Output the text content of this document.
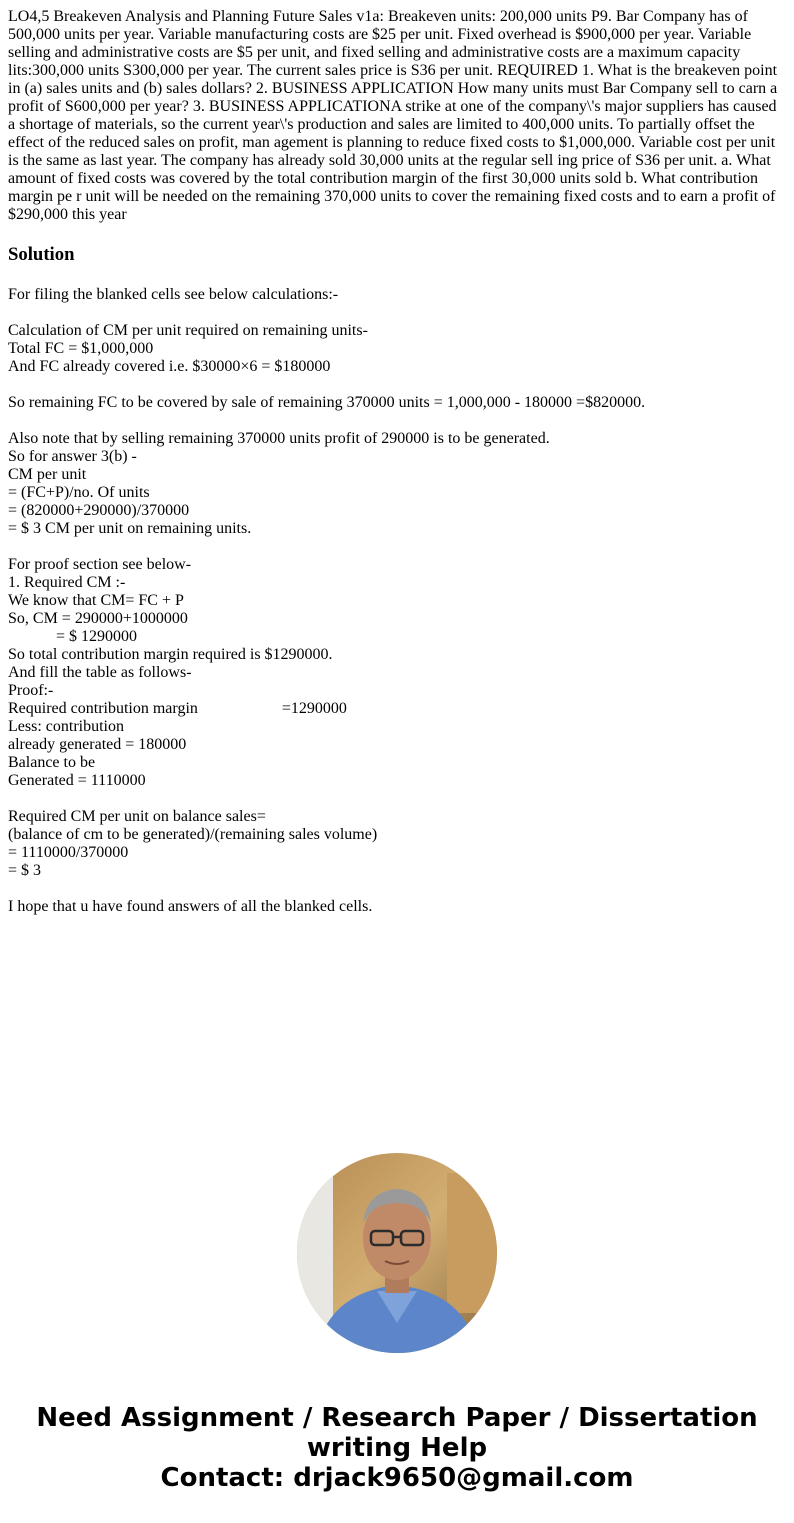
LO4,5 Breakeven Analysis and Planning Future Sales v1a: Breakeven units: 200,000 units P9. Bar Company has of 500,000 units per year. Variable manufacturing costs are $25 per unit. Fixed overhead is $900,000 per year. Variable selling and administrative costs are $5 per unit, and fixed selling and administrative costs are a maximum capacity lits:300,000 units S300,000 per year. The current sales price is S36 per unit. REQUIRED 1. What is the breakeven point in (a) sales units and (b) sales dollars? 2. BUSINESS APPLICATION How many units must Bar Company sell to carn a profit of S600,000 per year? 3. BUSINESS APPLICATIONA strike at one of the company\'s major suppliers has caused a shortage of materials, so the current year\'s production and sales are limited to 400,000 units. To partially offset the effect of the reduced sales on profit, man agement is planning to reduce fixed costs to $1,000,000. Variable cost per unit is the same as last year. The company has already sold 30,000 units at the regular sell ing price of S36 per unit. a. What amount of fixed costs was covered by the total contribution margin of the first 30,000 units sold b. What contribution margin pe r unit will be needed on the remaining 370,000 units to cover the remaining fixed costs and to earn a profit of $290,000 this year

Solution
For filing the blanked cells see below calculations:-
Calculation of CM per unit required on remaining units-
Total FC = $1,000,000
And FC already covered i.e. $30000×6 = $180000
So remaining FC to be covered by sale of remaining 370000 units = 1,000,000 - 180000 =$820000.
Also note that by selling remaining 370000 units profit of 290000 is to be generated.
So for answer 3(b) -
CM per unit
= (FC+P)/no. Of units
= (820000+290000)/370000
= $ 3 CM per unit on remaining units.
For proof section see below-
1. Required CM :-
We know that CM= FC + P
So, CM = 290000+1000000
= $ 1290000
So total contribution margin required is $1290000.
And fill the table as follows-
Proof:-
Required contribution margin                     =1290000
Less: contribution
already generated = 180000
Balance to be
Generated = 1110000
Required CM per unit on balance sales=
(balance of cm to be generated)/(remaining sales volume)
= 1110000/370000
= $ 3
I hope that u have found answers of all the blanked cells.
Need Assignment / Research Paper / Dissertation
writing Help
Contact: drjack9650@gmail.com
